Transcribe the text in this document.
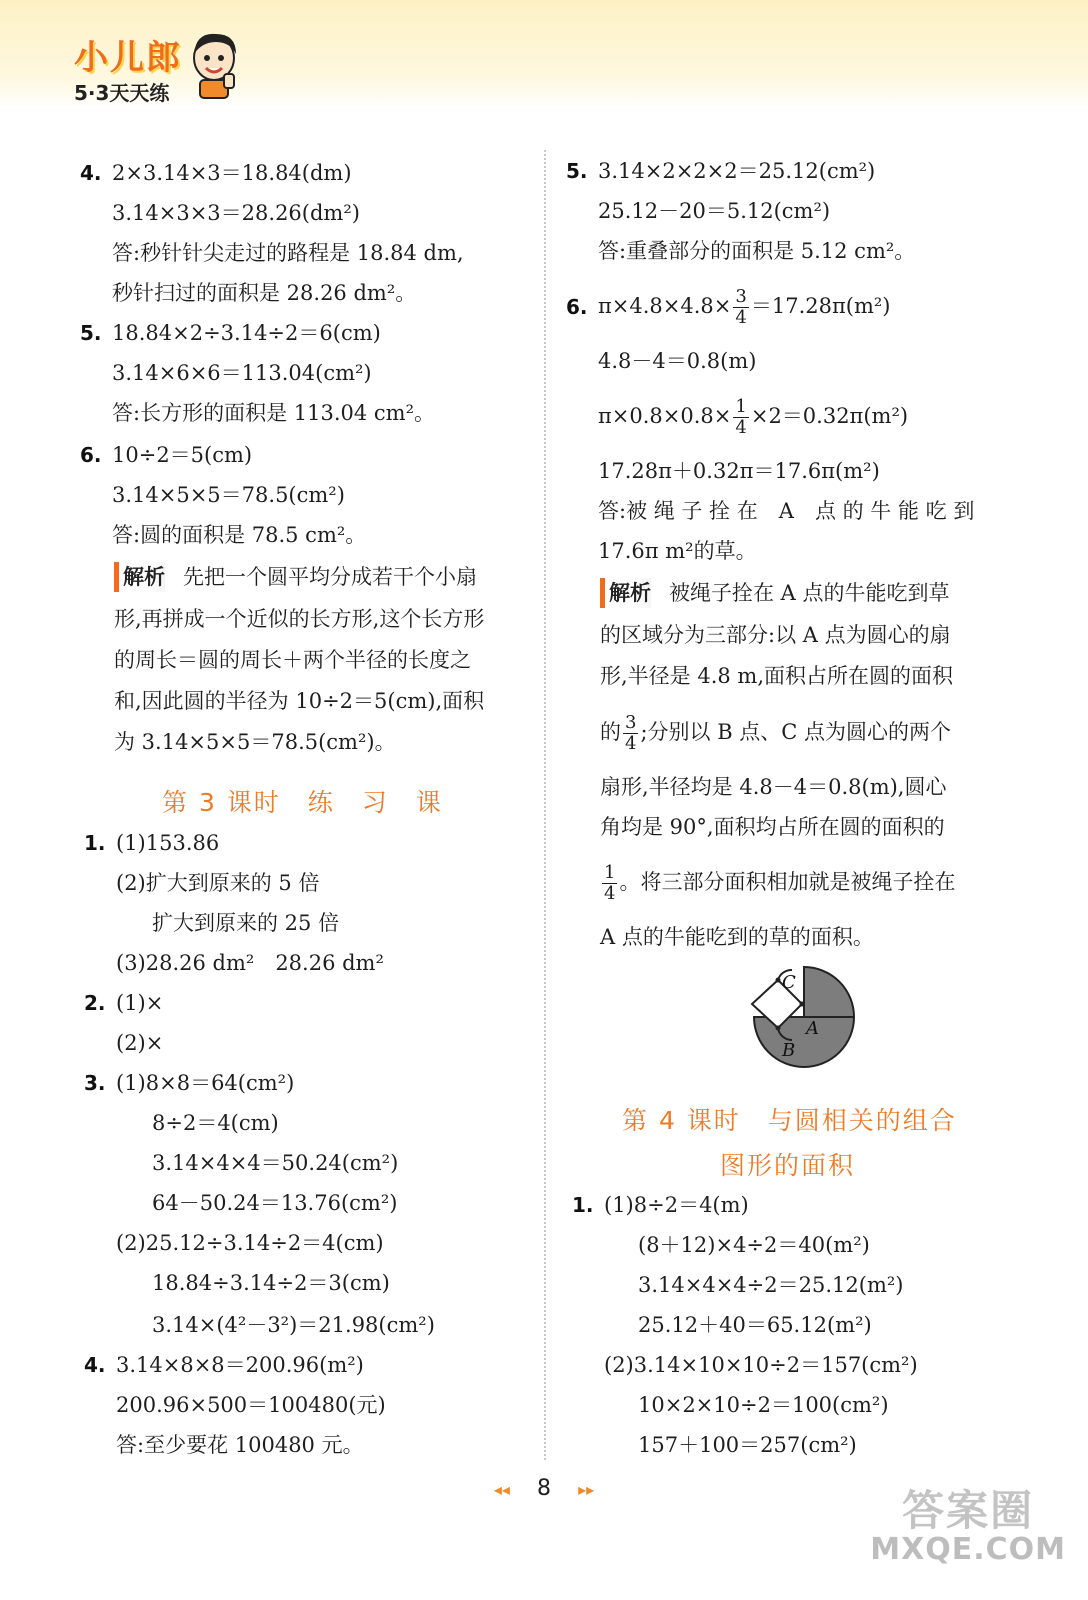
小儿郎
5·3天天练
4. 2×3.14×3＝18.84(dm)
3.14×3×3＝28.26(dm²)
答:秒针针尖走过的路程是 18.84 dm,
秒针扫过的面积是 28.26 dm²。
5. 18.84×2÷3.14÷2＝6(cm)
3.14×6×6＝113.04(cm²)
答:长方形的面积是 113.04 cm²。
6. 10÷2＝5(cm)
3.14×5×5＝78.5(cm²)
答:圆的面积是 78.5 cm²。
解析 先把一个圆平均分成若干个小扇
形,再拼成一个近似的长方形,这个长方形
的周长＝圆的周长＋两个半径的长度之
和,因此圆的半径为 10÷2＝5(cm),面积
为 3.14×5×5＝78.5(cm²)。
第 3 课时　练　习　课
1. (1)153.86
(2)扩大到原来的 5 倍
扩大到原来的 25 倍
(3)28.26 dm²　28.26 dm²
2. (1)×
(2)×
3. (1)8×8＝64(cm²)
8÷2＝4(cm)
3.14×4×4＝50.24(cm²)
64－50.24＝13.76(cm²)
(2)25.12÷3.14÷2＝4(cm)
18.84÷3.14÷2＝3(cm)
3.14×(4²－3²)＝21.98(cm²)
4. 3.14×8×8＝200.96(m²)
200.96×500＝100480(元)
答:至少要花 100480 元。
5. 3.14×2×2×2＝25.12(cm²)
25.12－20＝5.12(cm²)
答:重叠部分的面积是 5.12 cm²。
6. $\pi\times 4.8\times 4.8\times \frac{3}{4} =17.28\pi(m^2)$
4.8－4＝0.8(m)
$\pi\times 0.8\times 0.8\times \frac{1}{4} \times 2=0.32\pi(m^2)$
17.28π＋0.32π＝17.6π(m²)
答:被 绳 子 拴 在　A　点 的 牛 能 吃 到
17.6π m²的草。
解析 被绳子拴在 A 点的牛能吃到草
的区域分为三部分:以 A 点为圆心的扇
形,半径是 4.8 m,面积占所在圆的面积
的 $\frac{3}{4}$ ;分别以 B 点、C 点为圆心的两个
扇形,半径均是 4.8－4＝0.8(m),圆心
角均是 90°,面积均占所在圆的面积的
$\frac{1}{4}$ 。将三部分面积相加就是被绳子拴在
A 点的牛能吃到的草的面积。
C
A
B
第 4 课时　与圆相关的组合
图形的面积
1. (1)8÷2＝4(m)
(8＋12)×4÷2＝40(m²)
3.14×4×4÷2＝25.12(m²)
25.12＋40＝65.12(m²)
(2)3.14×10×10÷2＝157(cm²)
10×2×10÷2＝100(cm²)
157＋100＝257(cm²)
◂◂ 8 ▸▸	答案圈
MXQE.COM
